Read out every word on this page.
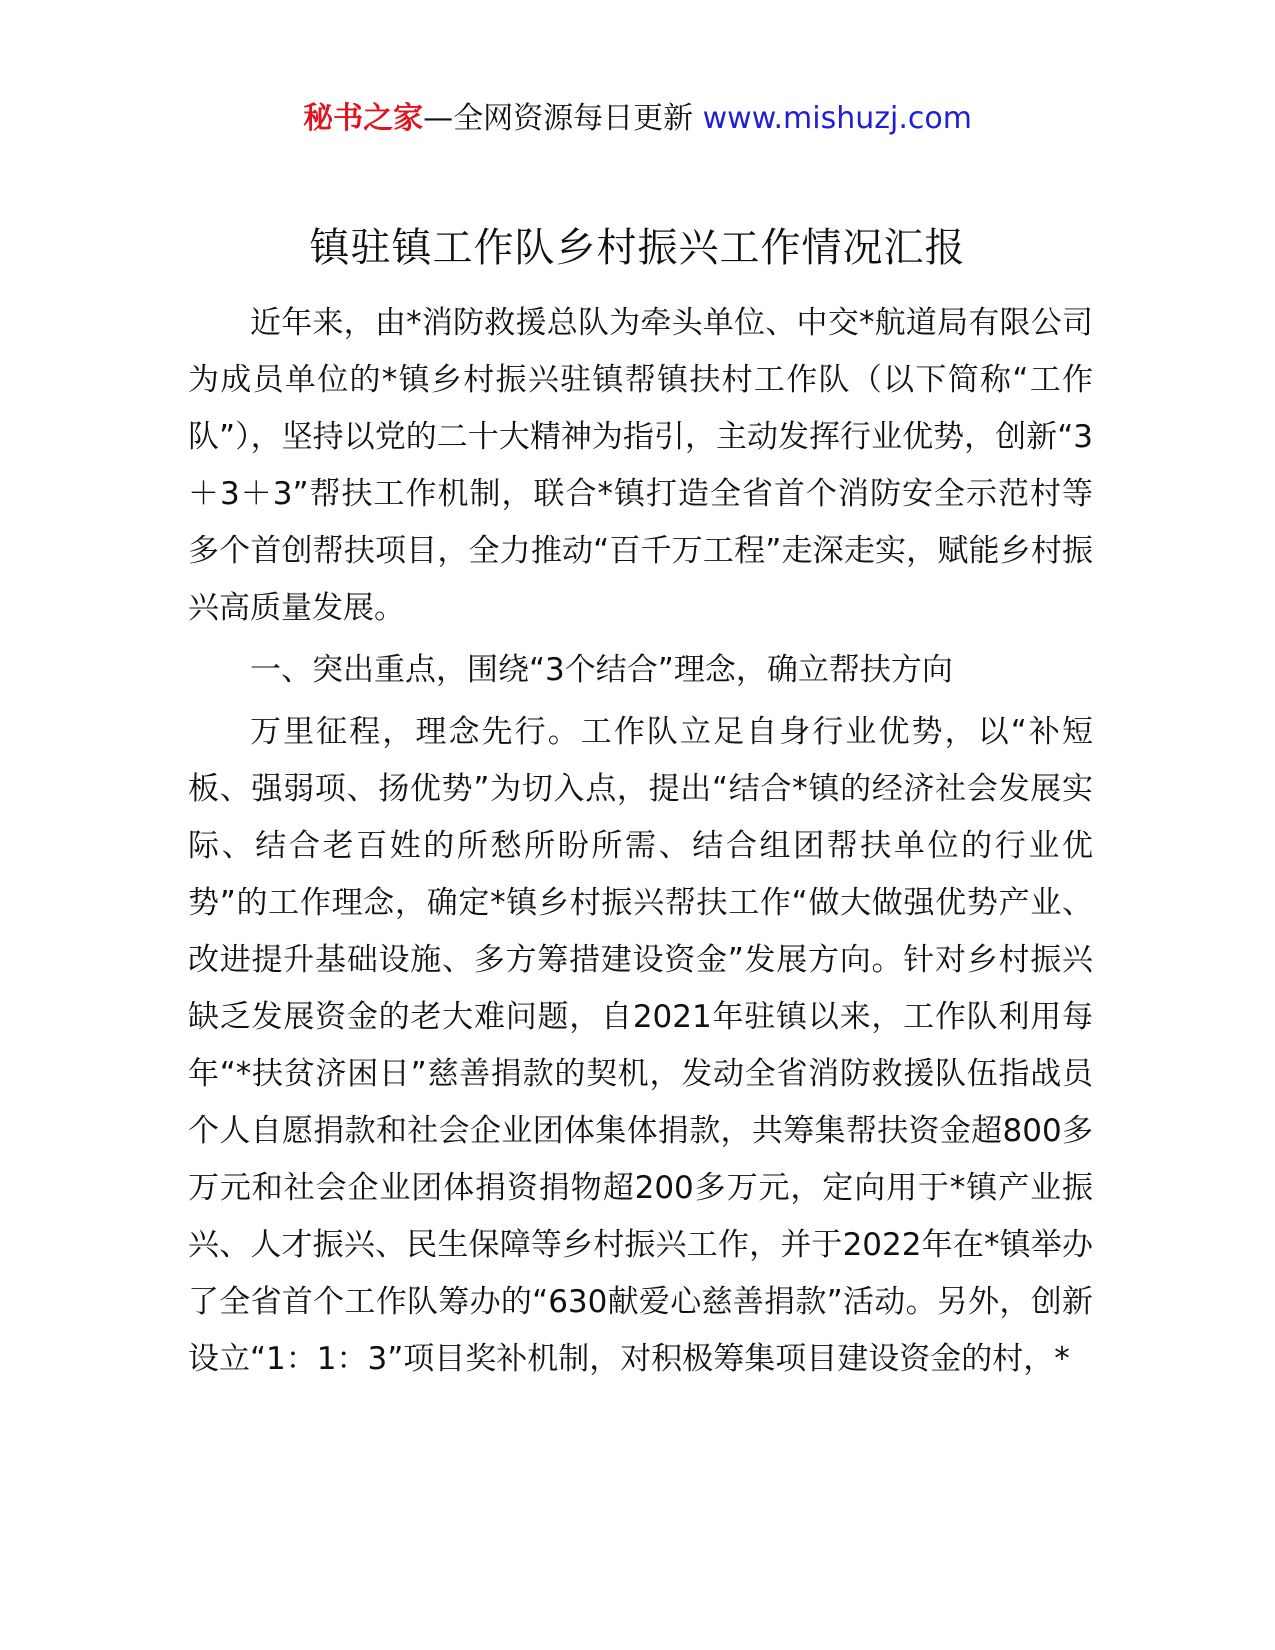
秘书之家—全网资源每日更新 www.mishuzj.com
镇驻镇工作队乡村振兴工作情况汇报

近年来，由*消防救援总队为牵头单位、中交*航道局有限公司为成员单位的*镇乡村振兴驻镇帮镇扶村工作队（以下简称“工作队”），坚持以党的二十大精神为指引，主动发挥行业优势，创新“3＋3＋3”帮扶工作机制，联合*镇打造全省首个消防安全示范村等多个首创帮扶项目，全力推动“百千万工程”走深走实，赋能乡村振兴高质量发展。

一、突出重点，围绕“3个结合”理念，确立帮扶方向

万里征程，理念先行。工作队立足自身行业优势，以“补短板、强弱项、扬优势”为切入点，提出“结合*镇的经济社会发展实际、结合老百姓的所愁所盼所需、结合组团帮扶单位的行业优势”的工作理念，确定*镇乡村振兴帮扶工作“做大做强优势产业、改进提升基础设施、多方筹措建设资金”发展方向。针对乡村振兴缺乏发展资金的老大难问题，自2021年驻镇以来，工作队利用每年“*扶贫济困日”慈善捐款的契机，发动全省消防救援队伍指战员个人自愿捐款和社会企业团体集体捐款，共筹集帮扶资金超800多万元和社会企业团体捐资捐物超200多万元，定向用于*镇产业振兴、人才振兴、民生保障等乡村振兴工作，并于2022年在*镇举办了全省首个工作队筹办的“630献爱心慈善捐款”活动。另外，创新设立“1：1：3”项目奖补机制，对积极筹集项目建设资金的村，*
